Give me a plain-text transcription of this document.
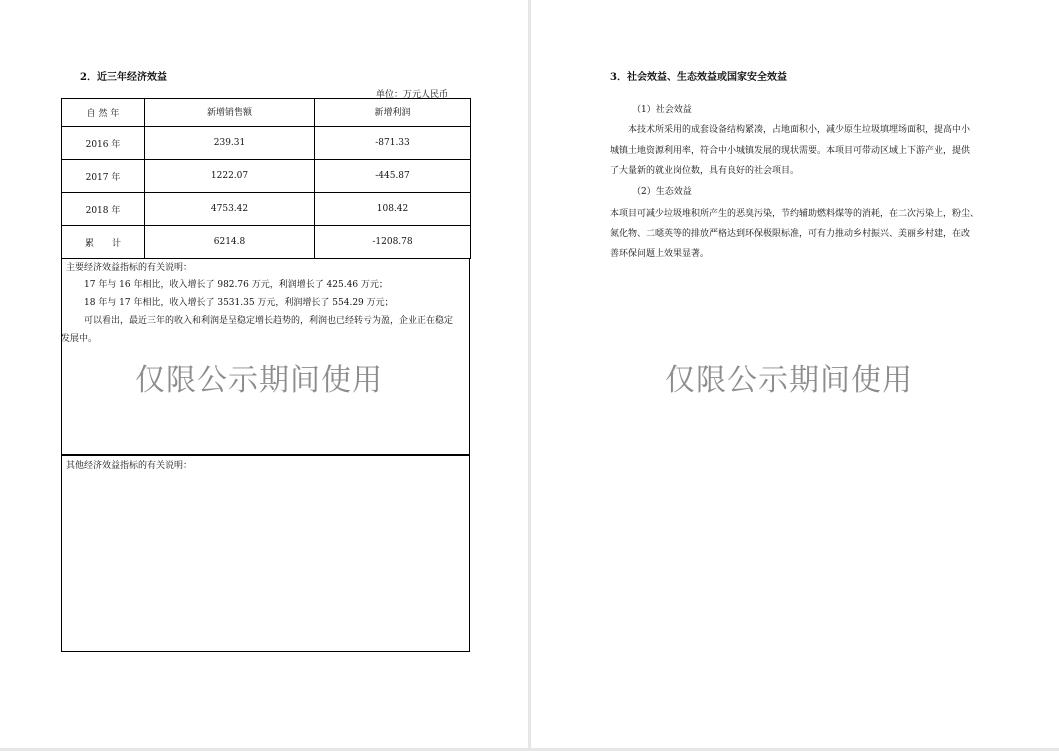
2．近三年经济效益
单位：万元人民币
自 然 年	新增销售额	新增利润
2016 年	239.31	-871.33
2017 年	1222.07	-445.87
2018 年	4753.42	108.42
累　　计	6214.8	-1208.78
主要经济效益指标的有关说明：
17 年与 16 年相比，收入增长了 982.76 万元，利润增长了 425.46 万元；
18 年与 17 年相比，收入增长了 3531.35 万元，利润增长了 554.29 万元；
可以看出，最近三年的收入和利润是呈稳定增长趋势的，利润也已经转亏为盈，企业正在稳定
发展中。
其他经济效益指标的有关说明：
仅限公示期间使用
3．社会效益、生态效益或国家安全效益
（1）社会效益
本技术所采用的成套设备结构紧凑，占地面积小，减少原生垃圾填埋场面积，提高中小
城镇土地资源利用率，符合中小城镇发展的现状需要。本项目可带动区域上下游产业，提供
了大量新的就业岗位数，具有良好的社会项目。
（2）生态效益
本项目可减少垃圾堆积所产生的恶臭污染，节约辅助燃料煤等的消耗，在二次污染上，粉尘、
氮化物、二噁英等的排放严格达到环保极限标准，可有力推动乡村振兴、美丽乡村建，在改
善环保问题上效果显著。
仅限公示期间使用
